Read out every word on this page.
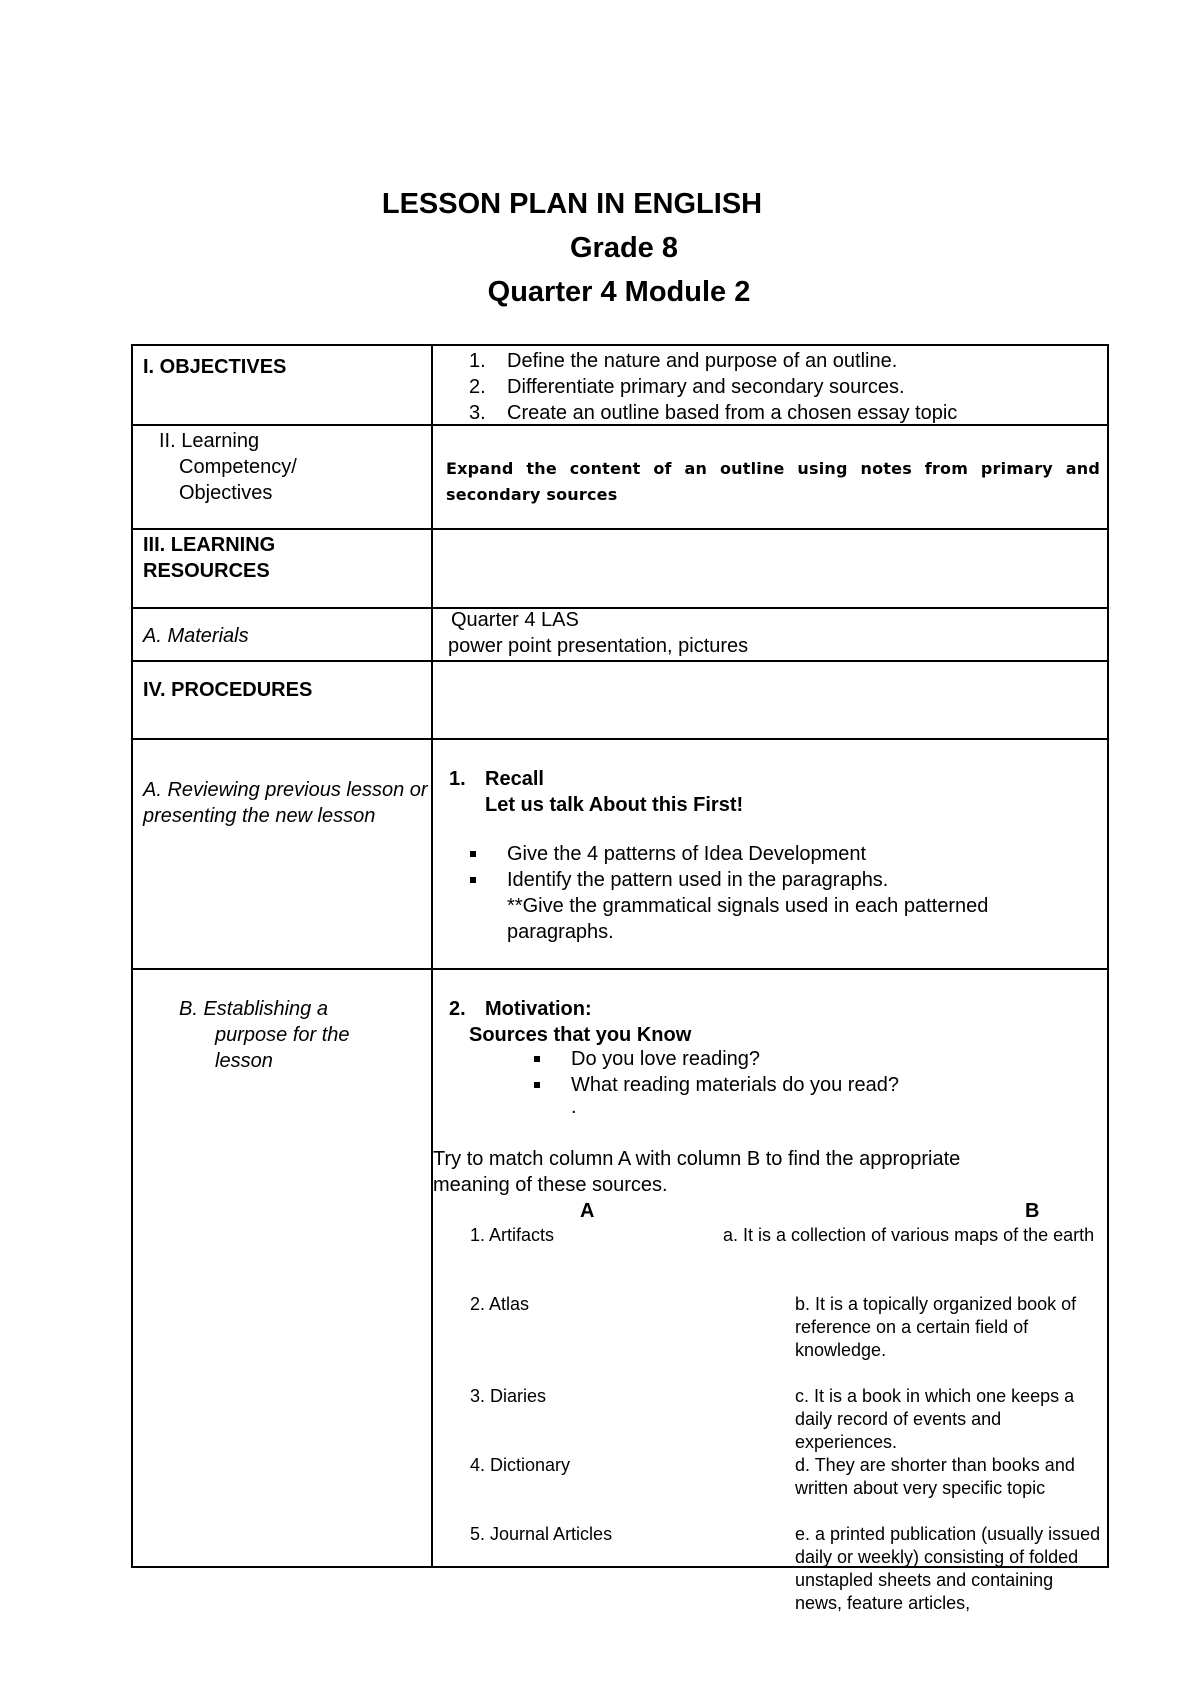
LESSON PLAN IN ENGLISH
Grade 8
Quarter 4 Module 2
I. OBJECTIVES	1. Define the nature and purpose of an outline.
2. Differentiate primary and secondary sources.
3. Create an outline based from a chosen essay topic
II. Learning
Competency/
Objectives
Expand the content of an outline using notes from primary and secondary sources
III. LEARNING
RESOURCES
A. Materials
Quarter 4 LAS
power point presentation, pictures
IV. PROCEDURES
A. Reviewing previous lesson or presenting the new lesson
1. Recall
Let us talk About this First!
Give the 4 patterns of Idea Development
Identify the pattern used in the paragraphs.
**Give the grammatical signals used in each patterned
paragraphs.
B. Establishing a
purpose for the
lesson
2. Motivation:
Sources that you Know
Do you love reading?
What reading materials do you read?
.
Try to match column A with column B to find the appropriate
meaning of these sources.
A	B
1. Artifacts
2. Atlas
3. Diaries
4. Dictionary
5. Journal Articles
a. It is a collection of various maps of the earth
b. It is a topically organized book of reference on a certain field of knowledge.
c. It is a book in which one keeps a daily record of events and experiences.
d. They are shorter than books and written about very specific topic
e. a printed publication (usually issued daily or weekly) consisting of folded unstapled sheets and containing news, feature articles,
